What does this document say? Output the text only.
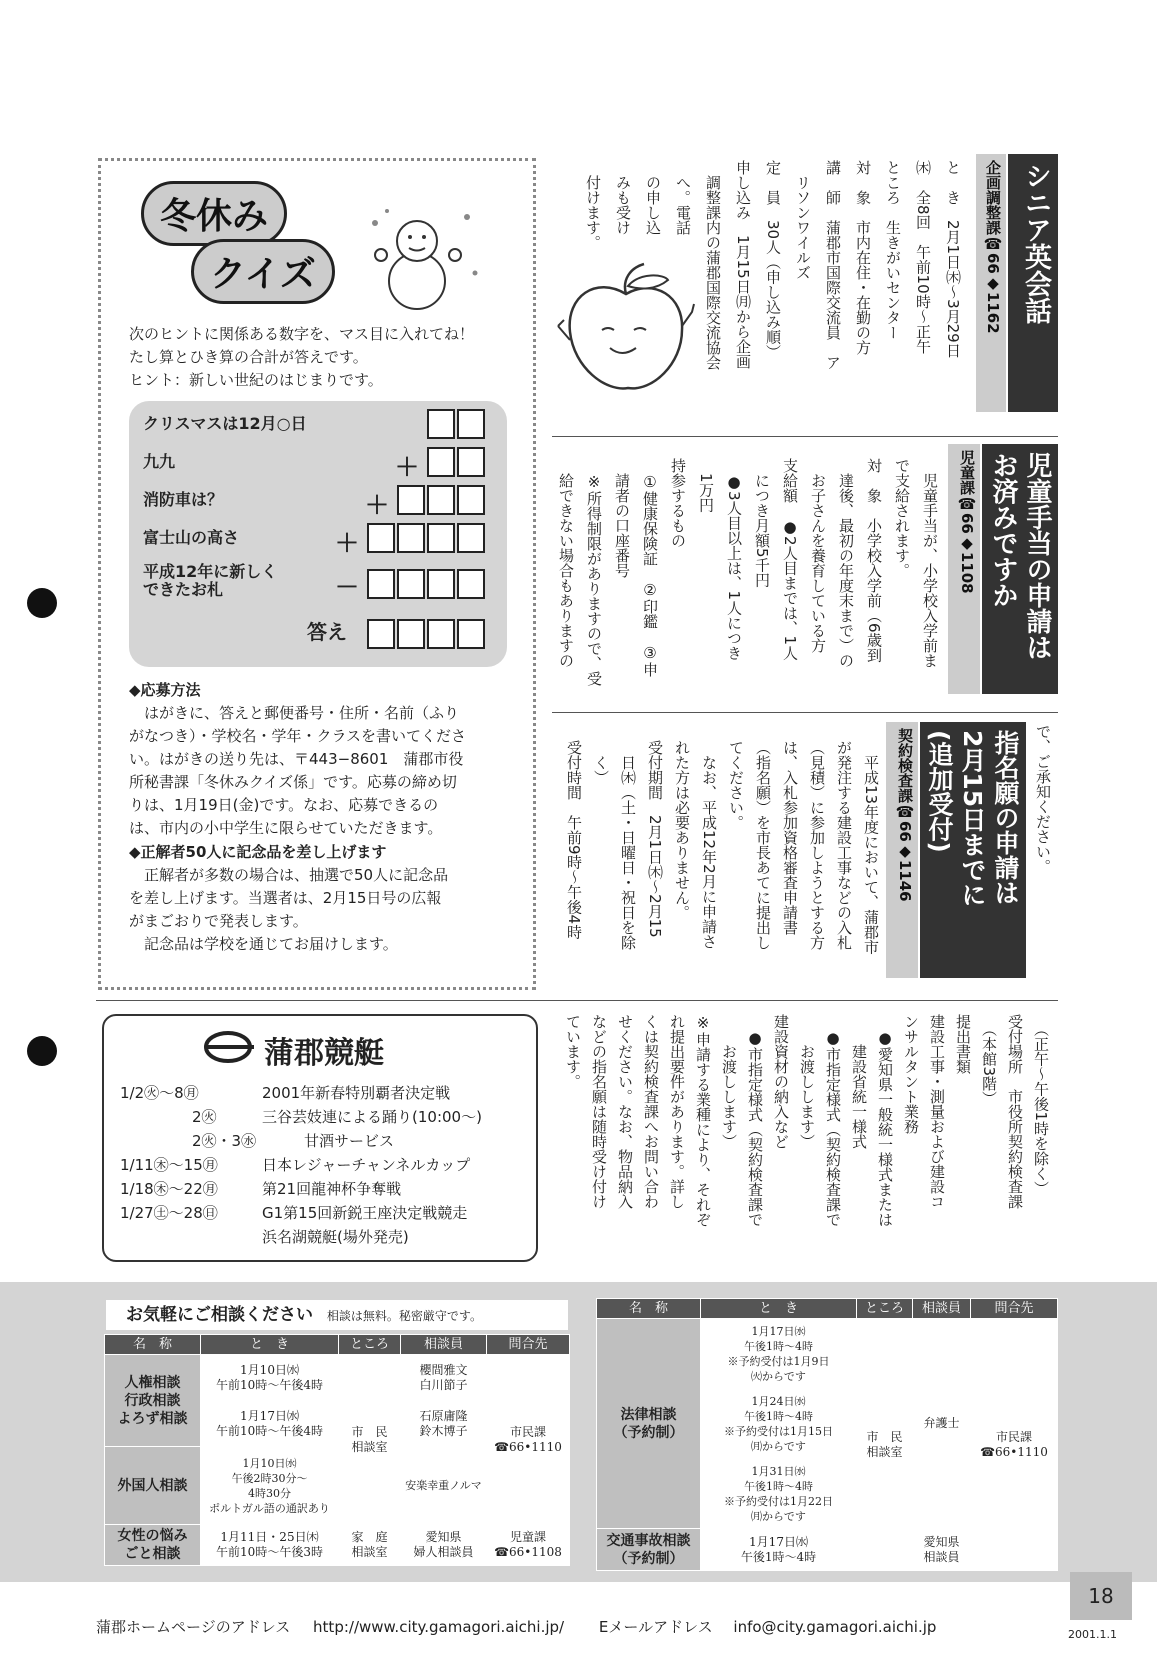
冬休み
クイズ
次のヒントに関係ある数字を、マス目に入れてね！
たし算とひき算の合計が答えです。
ヒント：新しい世紀のはじまりです。
クリスマスは12月○日
九九	＋
消防車は？	＋
富士山の高さ	＋
平成12年に新しくできたお札	－
答え
◆応募方法
　はがきに、答えと郵便番号・住所・名前（ふり
がなつき）・学校名・学年・クラスを書いてくださ
い。はがきの送り先は、〒443−8601　蒲郡市役
所秘書課「冬休みクイズ係」です。応募の締め切
りは、1月19日(金)です。なお、応募できるの
は、市内の小中学生に限らせていただきます。
◆正解者50人に記念品を差し上げます
　正解者が多数の場合は、抽選で50人に記念品
を差し上げます。当選者は、2月15日号の広報
がまごおりで発表します。
　記念品は学校を通じてお届けします。
シニア英会話
企画調整課☎66◆1162
と　き　2月1日㈭～3月29日
㈭　全8回　午前10時～正午
ところ　生きがいセンター
対　象　市内在住・在勤の方
講　師　蒲郡市国際交流員　ア
　リソンワイルズ
定　員　30人（申し込み順）
申し込み　1月15日㈪から企画
　調整課内の蒲郡国際交流協会
　へ。電話
　の申し込
　みも受け
　付けます。
児童手当の申請は
お済みですか
児童課☎66◆1108
　児童手当が、小学校入学前ま
で支給されます。
対　象　小学校入学前（6歳到
　達後、最初の年度末まで）の
　お子さんを養育している方
支給額　●2人目までは、1人
　につき月額5千円
　●3人目以上は、1人につき
　1万円
持参するもの
　①健康保険証　②印鑑　③申
　請者の口座番号
　※所得制限がありますので、受
　給できない場合もありますの
で、ご承知ください。
指名願の申請は
2月15日までに
(追加受付)
契約検査課☎66◆1146
　平成13年度において、蒲郡市
が発注する建設工事などの入札
（見積）に参加しようとする方
は、入札参加資格審査申請書
（指名願）を市長あてに提出し
てください。
　なお、平成12年2月に申請さ
れた方は必要ありません。
受付期間　2月1日㈭～2月15
　日㈭（土・日曜日・祝日を除
　く）
受付時間　午前9時～午後4時
　（正午～午後1時を除く）
受付場所　市役所契約検査課
　（本館3階）
提出書類
建設工事・測量および建設コ
ンサルタント業務
　●愛知県一般統一様式または
　　建設省統一様式
　●市指定様式（契約検査課で
　　お渡しします）
建設資材の納入など
　●市指定様式（契約検査課で
　　お渡しします）
※申請する業種により、それぞ
れ提出要件があります。詳し
くは契約検査課へお問い合わ
せください。なお、物品納入
などの指名願は随時受け付け
ています。
蒲郡競艇
1/2㊋～8㊊	2001年新春特別覇者決定戦
2㊋	三谷芸妓連による踊り(10:00～)
2㊋・3㊌	甘酒サービス
1/11㊍～15㊊	日本レジャーチャンネルカップ
1/18㊍～22㊊	第21回龍神杯争奪戦
1/27㊏～28㊐	G1第15回新鋭王座決定戦競走
浜名湖競艇(場外発売)
お気軽にご相談ください 相談は無料。秘密厳守です。
名　称	と　き	ところ	相談員	問合先
人権相談
行政相談
よろず相談	1月10日㈬
午前10時～午後4時	市　民
相談室	櫻間雅文
白川節子	市民課
☎66•1110
	1月17日㈬
午前10時～午後4時		石原庸隆
鈴木博子	
外国人相談	1月10日㈬
午後2時30分～
4時30分
ポルトガル語の通訳あり		安楽幸重ノルマ	
女性の悩み
ごと相談	1月11日・25日㈭
午前10時～午後3時	家　庭
相談室	愛知県
婦人相談員	児童課
☎66•1108
名　称	と　き	ところ	相談員	問合先
法律相談
（予約制）	1月17日㈬
午後1時～4時
※予約受付は1月9日
㈫からです	市　民
相談室	弁護士	市民課
☎66•1110
	1月24日㈬
午後1時～4時
※予約受付は1月15日
㈪からです			
	1月31日㈬
午後1時～4時
※予約受付は1月22日
㈪からです			
交通事故相談
（予約制）	1月17日㈬
午後1時～4時		愛知県
相談員	
18
2001.1.1
蒲郡ホームページのアドレス http://www.city.gamagori.aichi.jp/ Eメールアドレス info@city.gamagori.aichi.jp
